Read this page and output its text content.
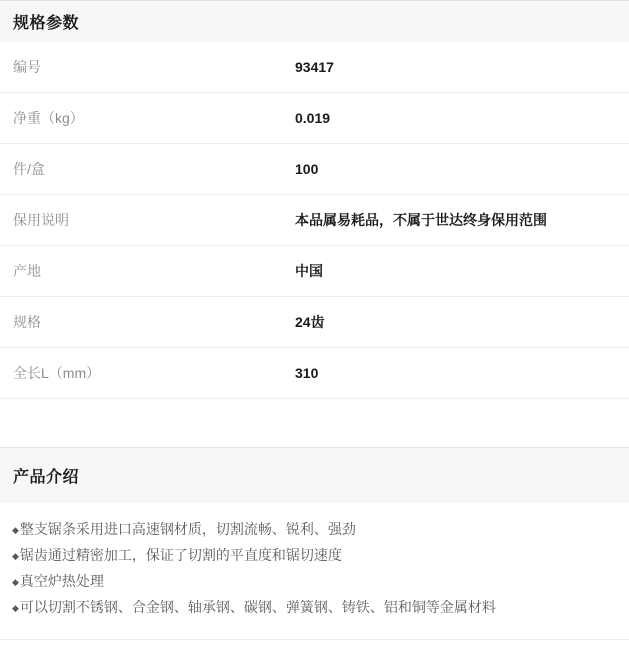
规格参数
编号	93417
净重（kg）	0.019
件/盒	100
保用说明	本品属易耗品，不属于世达终身保用范围
产地	中国
规格	24齿
全长L（mm）	310
产品介绍
◆ 整支锯条采用进口高速钢材质，切割流畅、锐利、强劲
◆ 锯齿通过精密加工，保证了切割的平直度和锯切速度
◆ 真空炉热处理
◆ 可以切割不锈钢、合金钢、轴承钢、碳钢、弹簧钢、铸铁、铝和铜等金属材料
